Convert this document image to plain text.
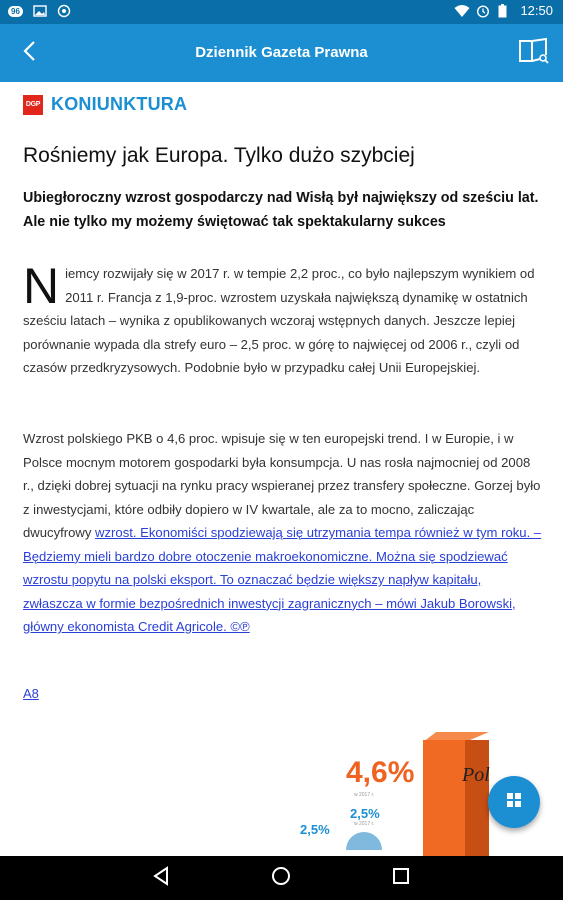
96	12:50
Dziennik Gazeta Prawna
DGP KONIUNKTURA
Rośniemy jak Europa. Tylko dużo szybciej
Ubiegłoroczny wzrost gospodarczy nad Wisłą był największy od sześciu lat. Ale nie tylko my możemy świętować tak spektakularny sukces
Niemcy rozwijały się w 2017 r. w tempie 2,2 proc., co było najlepszym wynikiem od 2011 r. Francja z 1,9-proc. wzrostem uzyskała największą dynamikę w ostatnich sześciu latach – wynika z opublikowanych wczoraj wstępnych danych. Jeszcze lepiej porównanie wypada dla strefy euro – 2,5 proc. w górę to najwięcej od 2006 r., czyli od czasów przedkryzysowych. Podobnie było w przypadku całej Unii Europejskiej.
Wzrost polskiego PKB o 4,6 proc. wpisuje się w ten europejski trend. I w Europie, i w Polsce mocnym motorem gospodarki była konsumpcja. U nas rosła najmocniej od 2008 r., dzięki dobrej sytuacji na rynku pracy wspieranej przez transfery społeczne. Gorzej było z inwestycjami, które odbiły dopiero w IV kwartale, ale za to mocno, zaliczając dwucyfrowy wzrost. Ekonomiści spodziewają się utrzymania tempa również w tym roku. – Będziemy mieli bardzo dobre otoczenie makroekonomiczne. Można się spodziewać wzrostu popytu na polski eksport. To oznaczać będzie większy napływ kapitału, zwłaszcza w formie bezpośrednich inwestycji zagranicznych – mówi Jakub Borowski, główny ekonomista Credit Agricole. ©℗
A8
4,6%
w 2017 r.
2,5%
w 2017 r.
2,5%
Pol
